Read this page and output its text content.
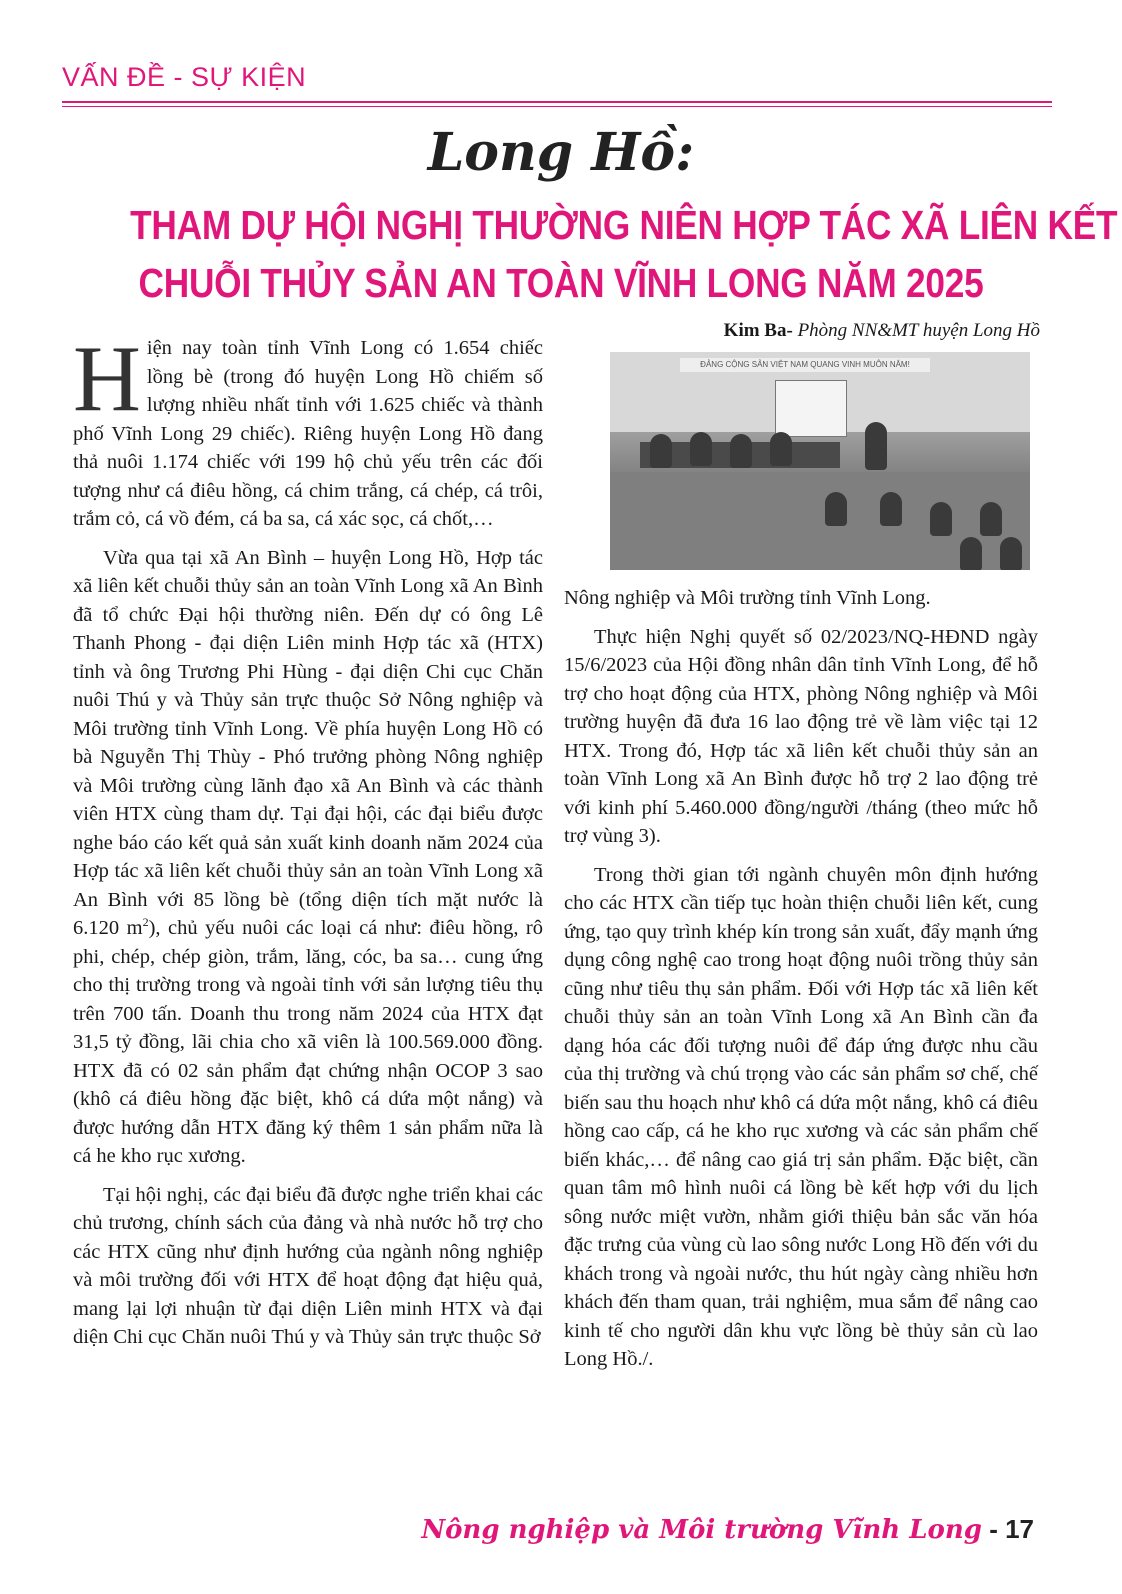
VẤN ĐỀ - SỰ KIỆN
Long Hồ:
THAM DỰ HỘI NGHỊ THƯỜNG NIÊN HỢP TÁC XÃ LIÊN KẾT
CHUỖI THỦY SẢN AN TOÀN VĨNH LONG NĂM 2025
Kim Ba- Phòng NN&MT huyện Long Hồ
ĐẢNG CỘNG SẢN VIỆT NAM QUANG VINH MUÔN NĂM!

Hiện nay toàn tỉnh Vĩnh Long có 1.654 chiếc lồng bè (trong đó huyện Long Hồ chiếm số lượng nhiều nhất tỉnh với 1.625 chiếc và thành phố Vĩnh Long 29 chiếc). Riêng huyện Long Hồ đang thả nuôi 1.174 chiếc với 199 hộ chủ yếu trên các đối tượng như cá điêu hồng, cá chim trắng, cá chép, cá trôi, trắm cỏ, cá vồ đém, cá ba sa, cá xác sọc, cá chốt,…

Vừa qua tại xã An Bình – huyện Long Hồ, Hợp tác xã liên kết chuỗi thủy sản an toàn Vĩnh Long xã An Bình đã tổ chức Đại hội thường niên. Đến dự có ông Lê Thanh Phong - đại diện Liên minh Hợp tác xã (HTX) tỉnh và ông Trương Phi Hùng - đại diện Chi cục Chăn nuôi Thú y và Thủy sản trực thuộc Sở Nông nghiệp và Môi trường tỉnh Vĩnh Long. Về phía huyện Long Hồ có bà Nguyễn Thị Thùy - Phó trưởng phòng Nông nghiệp và Môi trường cùng lãnh đạo xã An Bình và các thành viên HTX cùng tham dự. Tại đại hội, các đại biểu được nghe báo cáo kết quả sản xuất kinh doanh năm 2024 của Hợp tác xã liên kết chuỗi thủy sản an toàn Vĩnh Long xã An Bình với 85 lồng bè (tổng diện tích mặt nước là 6.120 $m^2$), chủ yếu nuôi các loại cá như: điêu hồng, rô phi, chép, chép giòn, trắm, lăng, cóc, ba sa… cung ứng cho thị trường trong và ngoài tỉnh với sản lượng tiêu thụ trên 700 tấn. Doanh thu trong năm 2024 của HTX đạt 31,5 tỷ đồng, lãi chia cho xã viên là 100.569.000 đồng. HTX đã có 02 sản phẩm đạt chứng nhận OCOP 3 sao (khô cá điêu hồng đặc biệt, khô cá dứa một nắng) và được hướng dẫn HTX đăng ký thêm 1 sản phẩm nữa là cá he kho rục xương.

Tại hội nghị, các đại biểu đã được nghe triển khai các chủ trương, chính sách của đảng và nhà nước hỗ trợ cho các HTX cũng như định hướng của ngành nông nghiệp và môi trường đối với HTX để hoạt động đạt hiệu quả, mang lại lợi nhuận từ đại diện Liên minh HTX và đại diện Chi cục Chăn nuôi Thú y và Thủy sản trực thuộc Sở

Nông nghiệp và Môi trường tỉnh Vĩnh Long.

Thực hiện Nghị quyết số 02/2023/NQ-HĐND ngày 15/6/2023 của Hội đồng nhân dân tỉnh Vĩnh Long, để hỗ trợ cho hoạt động của HTX, phòng Nông nghiệp và Môi trường huyện đã đưa 16 lao động trẻ về làm việc tại 12 HTX. Trong đó, Hợp tác xã liên kết chuỗi thủy sản an toàn Vĩnh Long xã An Bình được hỗ trợ 2 lao động trẻ với kinh phí 5.460.000 đồng/người /tháng (theo mức hỗ trợ vùng 3).

Trong thời gian tới ngành chuyên môn định hướng cho các HTX cần tiếp tục hoàn thiện chuỗi liên kết, cung ứng, tạo quy trình khép kín trong sản xuất, đẩy mạnh ứng dụng công nghệ cao trong hoạt động nuôi trồng thủy sản cũng như tiêu thụ sản phẩm. Đối với Hợp tác xã liên kết chuỗi thủy sản an toàn Vĩnh Long xã An Bình cần đa dạng hóa các đối tượng nuôi để đáp ứng được nhu cầu của thị trường và chú trọng vào các sản phẩm sơ chế, chế biến sau thu hoạch như khô cá dứa một nắng, khô cá điêu hồng cao cấp, cá he kho rục xương và các sản phẩm chế biến khác,… để nâng cao giá trị sản phẩm. Đặc biệt, cần quan tâm mô hình nuôi cá lồng bè kết hợp với du lịch sông nước miệt vườn, nhằm giới thiệu bản sắc văn hóa đặc trưng của vùng cù lao sông nước Long Hồ đến với du khách trong và ngoài nước, thu hút ngày càng nhiều hơn khách đến tham quan, trải nghiệm, mua sắm để nâng cao kinh tế cho người dân khu vực lồng bè thủy sản cù lao Long Hồ./.

Nông nghiệp và Môi trường Vĩnh Long - 17
